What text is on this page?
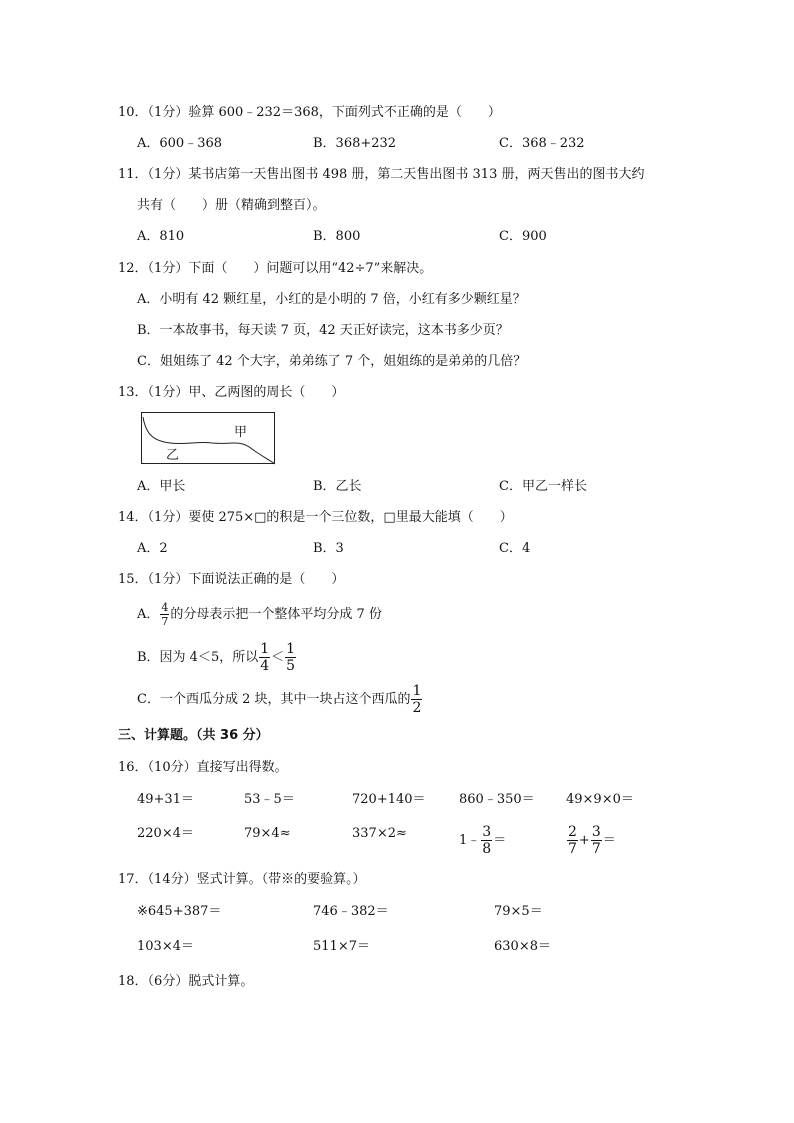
10．（1分）验算 600﹣232＝368，下面列式不正确的是（　　）
A．600﹣368	B．368+232	C．368﹣232
11．（1分）某书店第一天售出图书 498 册，第二天售出图书 313 册，两天售出的图书大约
共有（　　）册（精确到整百）。
A．810	B．800	C．900
12．（1分）下面（　　）问题可以用“42÷7”来解决。
A．小明有 42 颗红星，小红的是小明的 7 倍，小红有多少颗红星？
B．一本故事书，每天读 7 页，42 天正好读完，这本书多少页？
C．姐姐练了 42 个大字，弟弟练了 7 个，姐姐练的是弟弟的几倍？
13．（1分）甲、乙两图的周长（　　）
甲
乙
A．甲长	B．乙长	C．甲乙一样长
14．（1分）要使 275×□的积是一个三位数，□里最大能填（　　）
A．2	B．3	C．4
15．（1分）下面说法正确的是（　　）
A． $\frac{4}{7}$ 的分母表示把一个整体平均分成 7 份
B．因为 4＜5，所以 $\frac{1}{4} < \frac{1}{5}$
C．一个西瓜分成 2 块，其中一块占这个西瓜的 $\frac{1}{2}$
三、计算题。（共 36 分）
16．（10分）直接写出得数。
49+31＝	53﹣5＝	720+140＝	860﹣350＝ 49×9×0＝
220×4＝	79×4≈	337×2≈	1﹣ $\frac{3}{8}$ ＝	$\frac{2}{7} + \frac{3}{7}$ ＝
17．（14分）竖式计算。（带※的要验算。）
※645+387＝	746﹣382＝	79×5＝
103×4＝	511×7＝	630×8＝
18．（6分）脱式计算。
